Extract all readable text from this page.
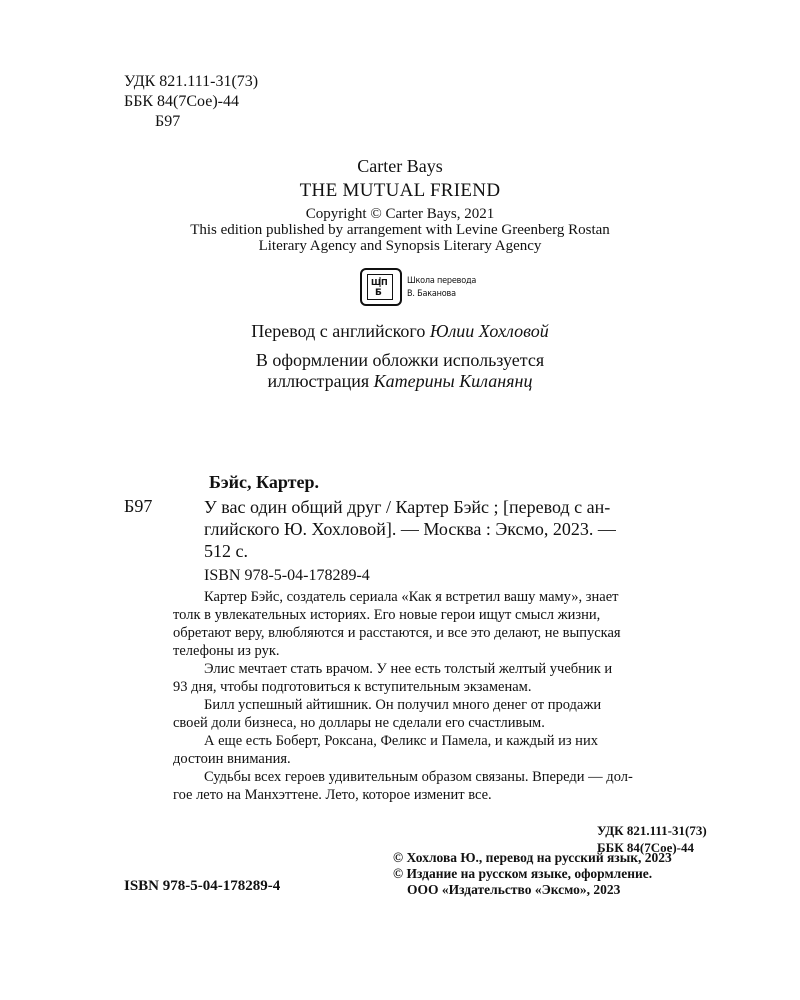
УДК 821.111-31(73)
ББК 84(7Сое)-44
Б97
Carter Bays
THE MUTUAL FRIEND
Copyright © Carter Bays, 2021
This edition published by arrangement with Levine Greenberg Rostan
Literary Agency and Synopsis Literary Agency
Ш П
Б
Школа перевода
В. Баканова
Перевод с английского Юлии Хохловой
В оформлении обложки используется
иллюстрация Катерины Киланянц
Бэйс, Картер.
Б97	У вас один общий друг / Картер Бэйс ; [перевод с ан-
глийского Ю. Хохловой]. — Москва : Эксмо, 2023. —
512 с.
ISBN 978-5-04-178289-4
Картер Бэйс, создатель сериала «Как я встретил вашу маму», знает
толк в увлекательных историях. Его новые герои ищут смысл жизни,
обретают веру, влюбляются и расстаются, и все это делают, не выпуская
телефоны из рук.
Элис мечтает стать врачом. У нее есть толстый желтый учебник и
93 дня, чтобы подготовиться к вступительным экзаменам.
Билл успешный айтишник. Он получил много денег от продажи
своей доли бизнеса, но доллары не сделали его счастливым.
А еще есть Боберт, Роксана, Феликс и Памела, и каждый из них
достоин внимания.
Судьбы всех героев удивительным образом связаны. Впереди — дол-
гое лето на Манхэттене. Лето, которое изменит все.
УДК 821.111-31(73)
ББК 84(7Сое)-44
© Хохлова Ю., перевод на русский язык, 2023
© Издание на русском языке, оформление.
ООО «Издательство «Эксмо», 2023
ISBN 978-5-04-178289-4
